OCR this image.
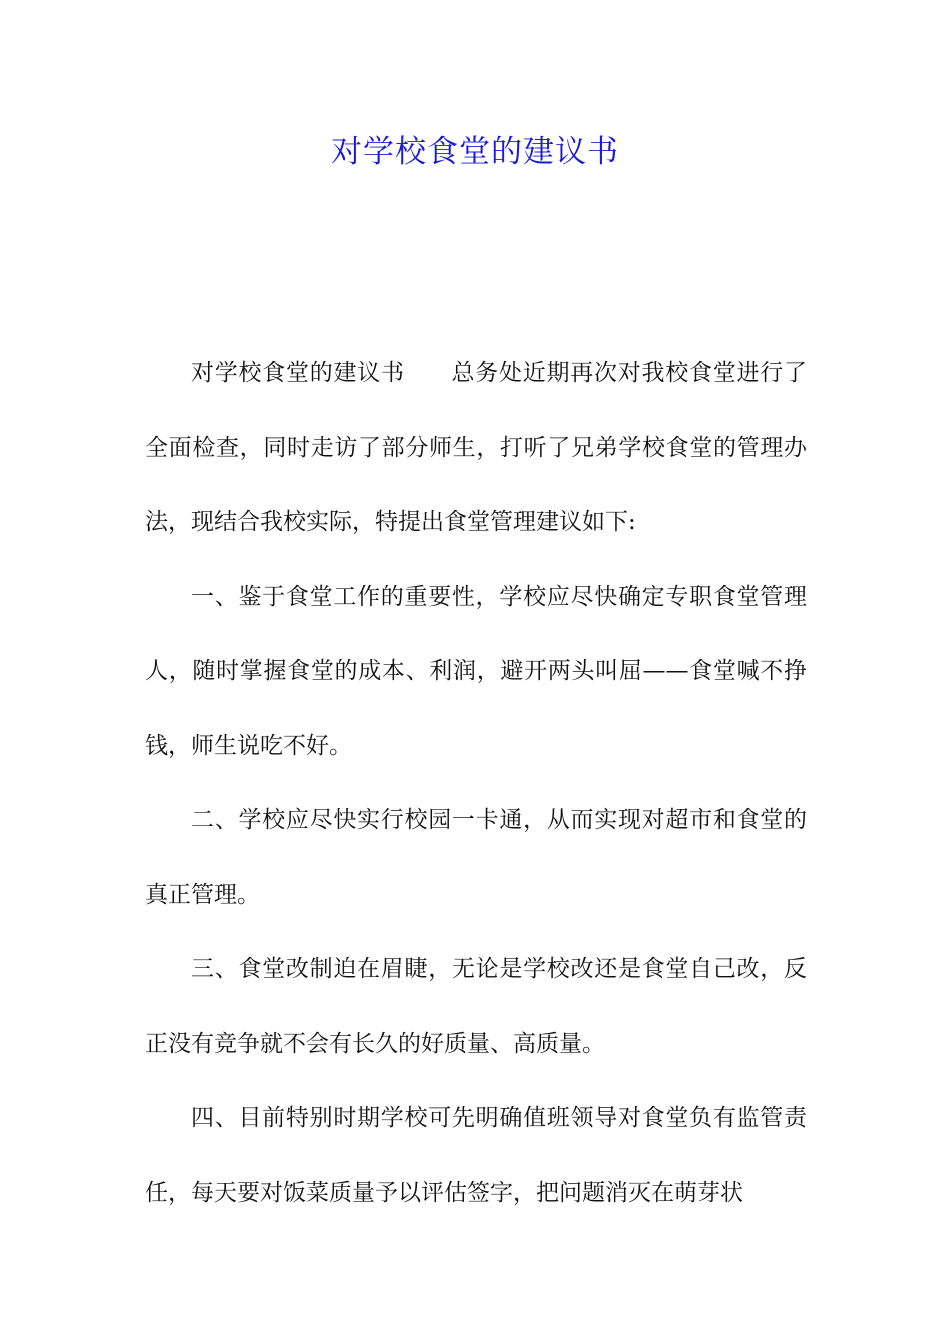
对学校食堂的建议书

对学校食堂的建议书 总务处近期再次对我校食堂进行了全面检查，同时走访了部分师生，打听了兄弟学校食堂的管理办法，现结合我校实际，特提出食堂管理建议如下:

一、鉴于食堂工作的重要性，学校应尽快确定专职食堂管理人，随时掌握食堂的成本、利润，避开两头叫屈——食堂喊不挣钱，师生说吃不好。

二、学校应尽快实行校园一卡通，从而实现对超市和食堂的真正管理。

三、食堂改制迫在眉睫，无论是学校改还是食堂自己改，反正没有竞争就不会有长久的好质量、高质量。

四、目前特别时期学校可先明确值班领导对食堂负有监管责任，每天要对饭菜质量予以评估签字，把问题消灭在萌芽状
